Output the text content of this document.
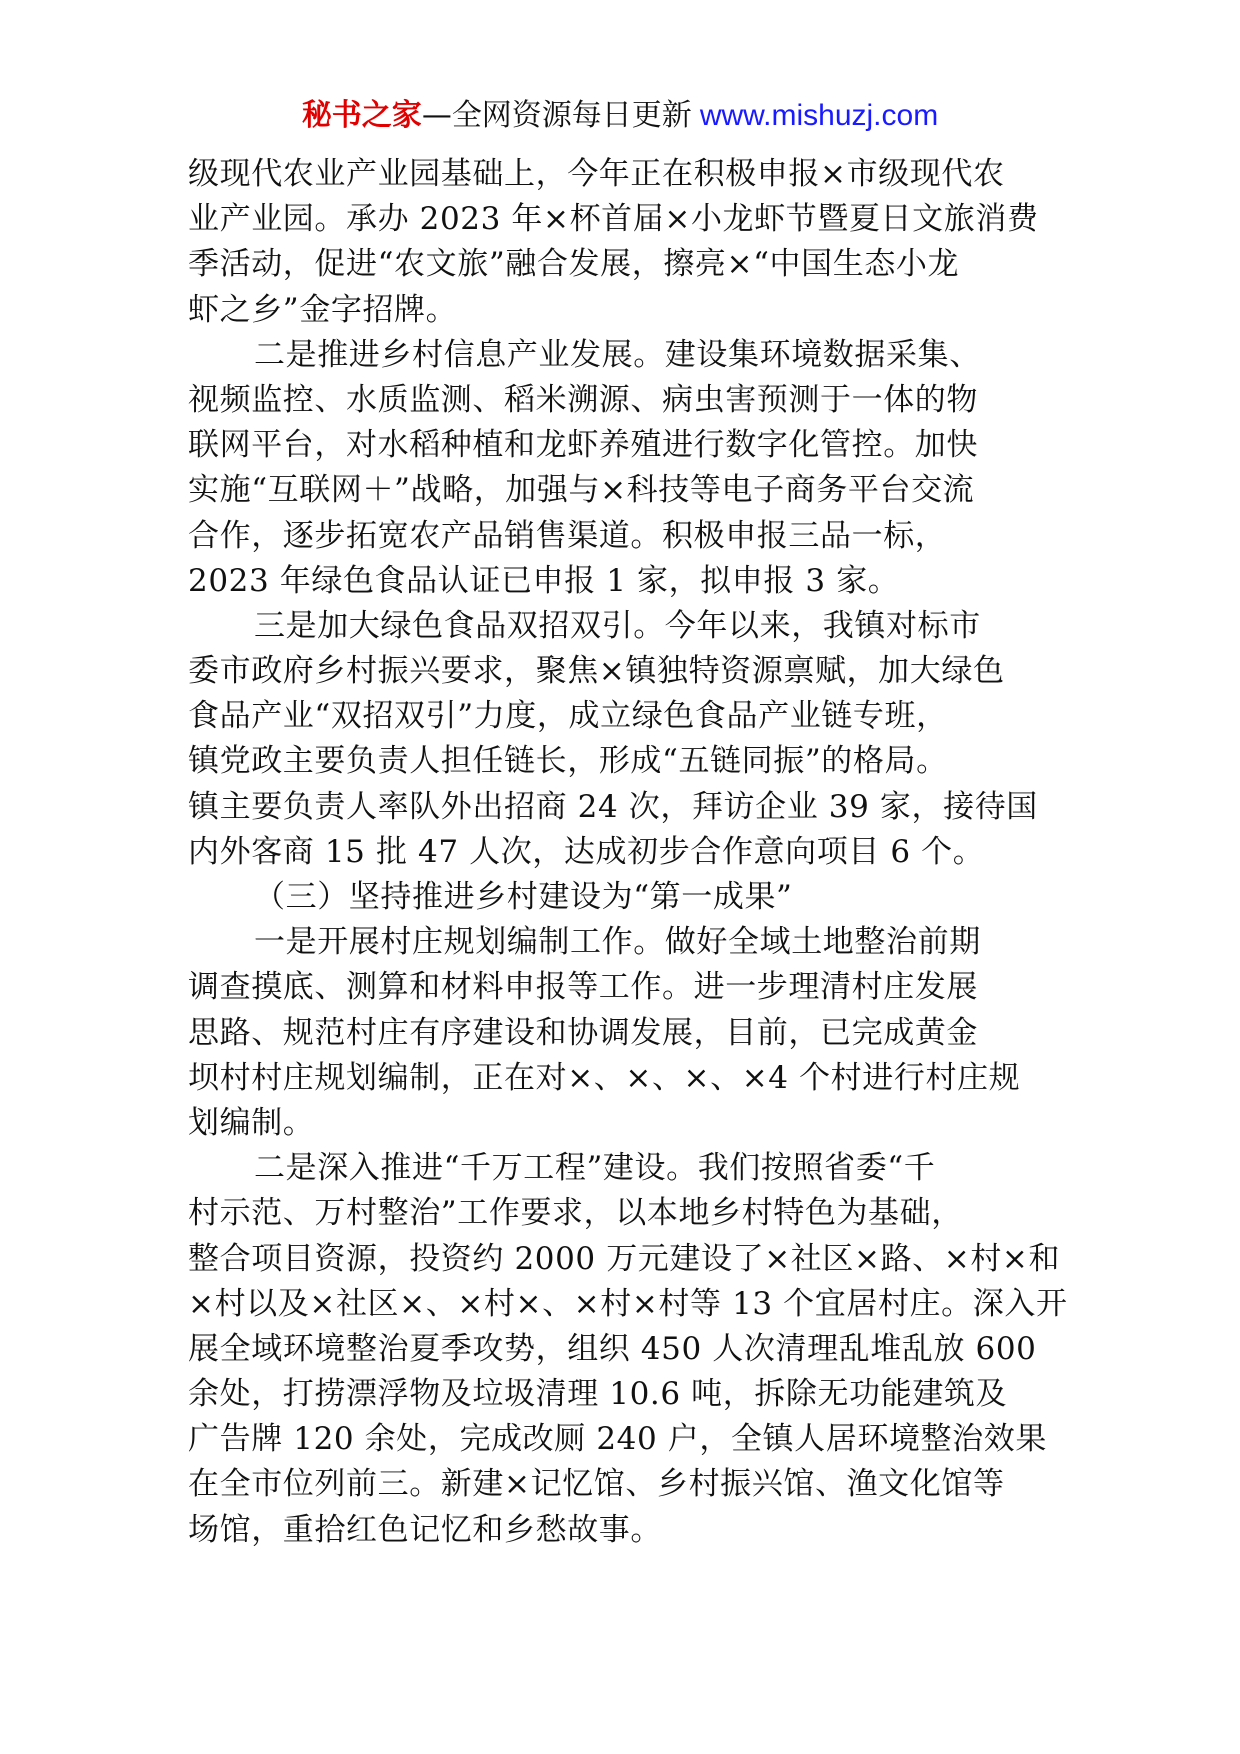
秘书之家—全网资源每日更新 www.mishuzj.com
级现代农业产业园基础上，今年正在积极申报×市级现代农
业产业园。承办 2023 年×杯首届×小龙虾节暨夏日文旅消费
季活动，促进“农文旅”融合发展，擦亮×“中国生态小龙
虾之乡”金字招牌。
二是推进乡村信息产业发展。建设集环境数据采集、
视频监控、水质监测、稻米溯源、病虫害预测于一体的物
联网平台，对水稻种植和龙虾养殖进行数字化管控。加快
实施“互联网＋”战略，加强与×科技等电子商务平台交流
合作，逐步拓宽农产品销售渠道。积极申报三品一标，
2023 年绿色食品认证已申报 1 家，拟申报 3 家。
三是加大绿色食品双招双引。今年以来，我镇对标市
委市政府乡村振兴要求，聚焦×镇独特资源禀赋，加大绿色
食品产业“双招双引”力度，成立绿色食品产业链专班，
镇党政主要负责人担任链长，形成“五链同振”的格局。
镇主要负责人率队外出招商 24 次，拜访企业 39 家，接待国
内外客商 15 批 47 人次，达成初步合作意向项目 6 个。
（三）坚持推进乡村建设为“第一成果”
一是开展村庄规划编制工作。做好全域土地整治前期
调查摸底、测算和材料申报等工作。进一步理清村庄发展
思路、规范村庄有序建设和协调发展，目前，已完成黄金
坝村村庄规划编制，正在对×、×、×、×4 个村进行村庄规
划编制。
二是深入推进“千万工程”建设。我们按照省委“千
村示范、万村整治”工作要求，以本地乡村特色为基础，
整合项目资源，投资约 2000 万元建设了×社区×路、×村×和
×村以及×社区×、×村×、×村×村等 13 个宜居村庄。深入开
展全域环境整治夏季攻势，组织 450 人次清理乱堆乱放 600
余处，打捞漂浮物及垃圾清理 10.6 吨，拆除无功能建筑及
广告牌 120 余处，完成改厕 240 户，全镇人居环境整治效果
在全市位列前三。新建×记忆馆、乡村振兴馆、渔文化馆等
场馆，重拾红色记忆和乡愁故事。
